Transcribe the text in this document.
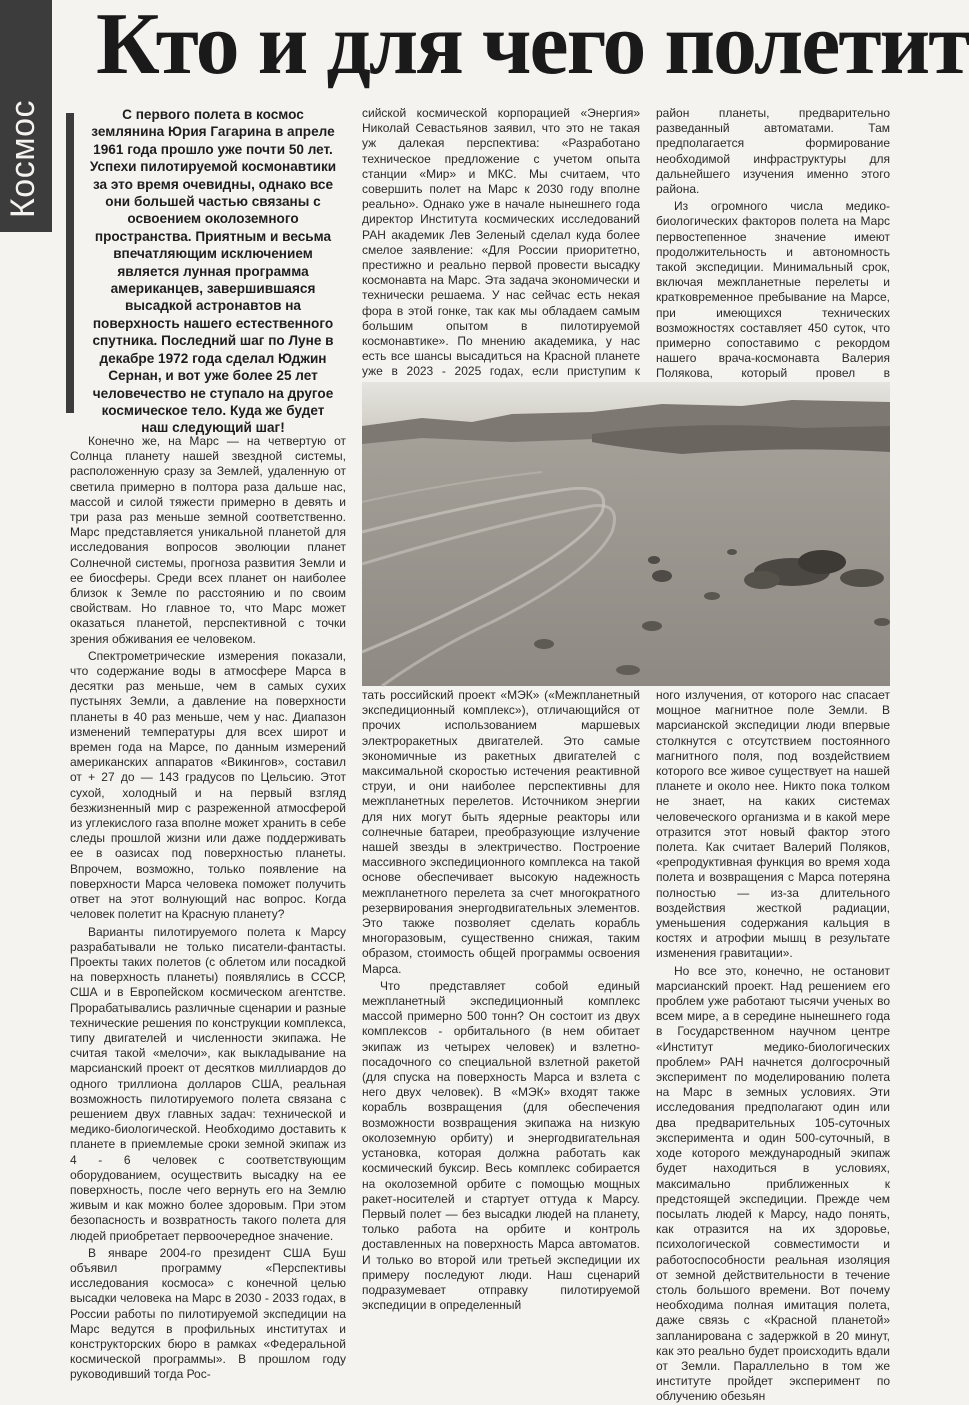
Космос

Кто и для чего полетит

С первого полета в космос землянина Юрия Гагарина в апреле 1961 года прошло уже почти 50 лет. Успехи пилотируемой космонавтики за это время очевидны, однако все они большей частью связаны с освоением околоземного пространства. Приятным и весьма впечатляющим исключением является лунная программа американцев, завершившаяся высадкой астронавтов на поверхность нашего естественного спутника. Последний шаг по Луне в декабре 1972 года сделал Юджин Сернан, и вот уже более 25 лет человечество не ступало на другое космическое тело. Куда же будет наш следующий шаг!

Конечно же, на Марс — на четвертую от Солнца планету нашей звездной системы, расположенную сразу за Землей, удаленную от светила примерно в полтора раза дальше нас, массой и силой тяжести примерно в девять и три раза раз меньше земной соответственно. Марс представляется уникальной планетой для исследования вопросов эволюции планет Солнечной системы, прогноза развития Земли и ее биосферы. Среди всех планет он наиболее близок к Земле по расстоянию и по своим свойствам. Но главное то, что Марс может оказаться планетой, перспективной с точки зрения обживания ее человеком.

Спектрометрические измерения показали, что содержание воды в атмосфере Марса в десятки раз меньше, чем в самых сухих пустынях Земли, а давление на поверхности планеты в 40 раз меньше, чем у нас. Диапазон изменений температуры для всех широт и времен года на Марсе, по данным измерений американских аппаратов «Викингов», составил от + 27 до — 143 градусов по Цельсию. Этот сухой, холодный и на первый взгляд безжизненный мир с разреженной атмосферой из углекислого газа вполне может хранить в себе следы прошлой жизни или даже поддерживать ее в оазисах под поверхностью планеты. Впрочем, возможно, только появление на поверхности Марса человека поможет получить ответ на этот волнующий нас вопрос. Когда человек полетит на Красную планету?

Варианты пилотируемого полета к Марсу разрабатывали не только писатели-фантасты. Проекты таких полетов (с облетом или посадкой на поверхность планеты) появлялись в СССР, США и в Европейском космическом агентстве. Прорабатывались различные сценарии и разные технические решения по конструкции комплекса, типу двигателей и численности экипажа. Не считая такой «мелочи», как выкладывание на марсианский проект от десятков миллиардов до одного триллиона долларов США, реальная возможность пилотируемого полета связана с решением двух главных задач: технической и медико-биологической. Необходимо доставить к планете в приемлемые сроки земной экипаж из 4 - 6 человек с соответствующим оборудованием, осуществить высадку на ее поверхность, после чего вернуть его на Землю живым и как можно более здоровым. При этом безопасность и возвратность такого полета для людей приобретает первоочередное значение.

В январе 2004-го президент США Буш объявил программу «Перспективы исследования космоса» с конечной целью высадки человека на Марс в 2030 - 2033 годах, в России работы по пилотируемой экспедиции на Марс ведутся в профильных институтах и конструкторских бюро в рамках «Федеральной космической программы». В прошлом году руководивший тогда Рос-

сийской космической корпорацией «Энергия» Николай Севастьянов заявил, что это не такая уж далекая перспектива: «Разработано техническое предложение с учетом опыта станции «Мир» и МКС. Мы считаем, что совершить полет на Марс к 2030 году вполне реально». Однако уже в начале нынешнего года директор Института космических исследований РАН академик Лев Зеленый сделал куда более смелое заявление: «Для России приоритетно, престижно и реально первой провести высадку космонавта на Марс. Эта задача экономически и технически решаема. У нас сейчас есть некая фора в этой гонке, так как мы обладаем самым большим опытом в пилотируемой космонавтике». По мнению академика, у нас есть все шансы высадиться на Красной планете уже в 2023 - 2025 годах, если приступим к

район планеты, предварительно разведанный автоматами. Там предполагается формирование необходимой инфраструктуры для дальнейшего изучения именно этого района.

Из огромного числа медико-биологических факторов полета на Марс первостепенное значение имеют продолжительность и автономность такой экспедиции. Минимальный срок, включая межпланетные перелеты и кратковременное пребывание на Марсе, при имеющихся технических возможностях составляет 450 суток, что примерно сопоставимо с рекордом нашего врача-космонавта Валерия Полякова, который провел в

тать российский проект «МЭК» («Межпланетный экспедиционный комплекс»), отличающийся от прочих использованием маршевых электроракетных двигателей. Это самые экономичные из ракетных двигателей с максимальной скоростью истечения реактивной струи, и они наиболее перспективны для межпланетных перелетов. Источником энергии для них могут быть ядерные реакторы или солнечные батареи, преобразующие излучение нашей звезды в электричество. Построение массивного экспедиционного комплекса на такой основе обеспечивает высокую надежность межпланетного перелета за счет многократного резервирования энергодвигательных элементов. Это также позволяет сделать корабль многоразовым, существенно снижая, таким образом, стоимость общей программы освоения Марса.

Что представляет собой единый межпланетный экспедиционный комплекс массой примерно 500 тонн? Он состоит из двух комплексов - орбитального (в нем обитает экипаж из четырех человек) и взлетно-посадочного со специальной взлетной ракетой (для спуска на поверхность Марса и взлета с него двух человек). В «МЭК» входят также корабль возвращения (для обеспечения возможности возвращения экипажа на низкую околоземную орбиту) и энергодвигательная установка, которая должна работать как космический буксир. Весь комплекс собирается на околоземной орбите с помощью мощных ракет-носителей и стартует оттуда к Марсу. Первый полет — без высадки людей на планету, только работа на орбите и контроль доставленных на поверхность Марса автоматов. И только во второй или третьей экспедиции их примеру последуют люди. Наш сценарий подразумевает отправку пилотируемой экспедиции в определенный

ного излучения, от которого нас спасает мощное магнитное поле Земли. В марсианской экспедиции люди впервые столкнутся с отсутствием постоянного магнитного поля, под воздействием которого все живое существует на нашей планете и около нее. Никто пока толком не знает, на каких системах человеческого организма и в какой мере отразится этот новый фактор этого полета. Как считает Валерий Поляков, «репродуктивная функция во время хода полета и возвращения с Марса потеряна полностью — из-за длительного воздействия жесткой радиации, уменьшения содержания кальция в костях и атрофии мышц в результате изменения гравитации».

Но все это, конечно, не остановит марсианский проект. Над решением его проблем уже работают тысячи ученых во всем мире, а в середине нынешнего года в Государственном научном центре «Институт медико-биологических проблем» РАН начнется долгосрочный эксперимент по моделированию полета на Марс в земных условиях. Эти исследования предполагают один или два предварительных 105-суточных эксперимента и один 500-суточный, в ходе которого международный экипаж будет находиться в условиях, максимально приближенных к предстоящей экспедиции. Прежде чем посылать людей к Марсу, надо понять, как отразится на их здоровье, психологической совместимости и работоспособности реальная изоляция от земной действительности в течение столь большого времени. Вот почему необходима полная имитация полета, даже связь с «Красной планетой» запланирована с задержкой в 20 минут, как это реально будет происходить вдали от Земли. Параллельно в том же институте пройдет эксперимент по облучению обезьян
